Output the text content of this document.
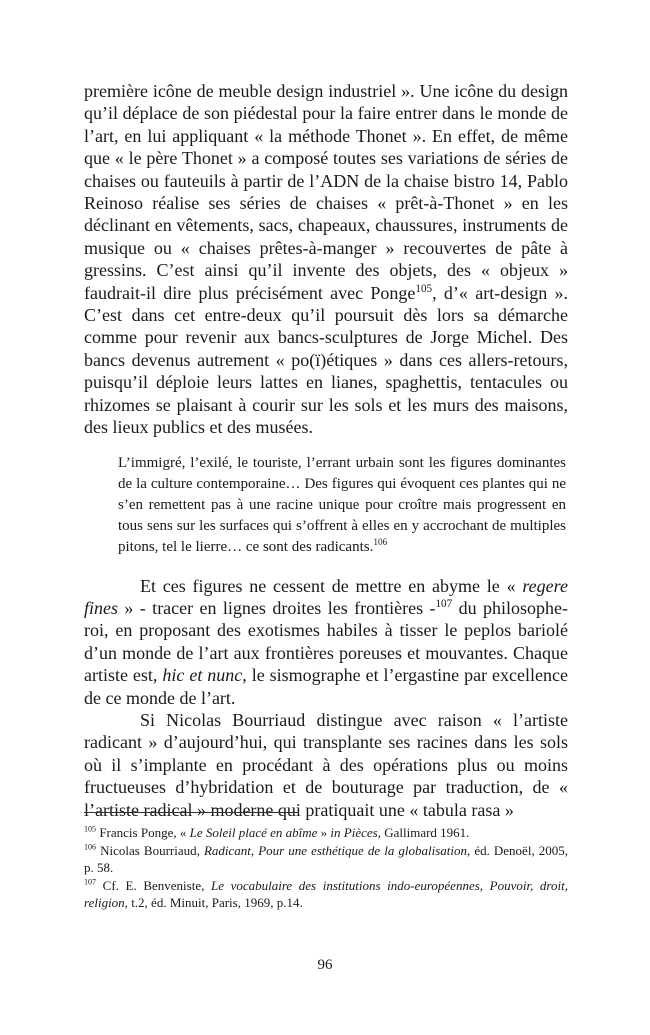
première icône de meuble design industriel ». Une icône du design qu’il déplace de son piédestal pour la faire entrer dans le monde de l’art, en lui appliquant « la méthode Thonet ». En effet, de même que « le père Thonet » a composé toutes ses variations de séries de chaises ou fauteuils à partir de l’ADN de la chaise bistro 14, Pablo Reinoso réalise ses séries de chaises « prêt-à-Thonet » en les déclinant en vêtements, sacs, chapeaux, chaussures, instruments de musique ou « chaises prêtes-à-manger » recouvertes de pâte à gressins. C’est ainsi qu’il invente des objets, des « objeux » faudrait-il dire plus précisément avec Ponge$^{105}$, d’« art-design ». C’est dans cet entre-deux qu’il poursuit dès lors sa démarche comme pour revenir aux bancs-sculptures de Jorge Michel. Des bancs devenus autrement « po(ï)étiques » dans ces allers-retours, puisqu’il déploie leurs lattes en lianes, spaghettis, tentacules ou rhizomes se plaisant à courir sur les sols et les murs des maisons, des lieux publics et des musées.

L’immigré, l’exilé, le touriste, l’errant urbain sont les figures dominantes de la culture contemporaine… Des figures qui évoquent ces plantes qui ne s’en remettent pas à une racine unique pour croître mais progressent en tous sens sur les surfaces qui s’offrent à elles en y accrochant de multiples pitons, tel le lierre… ce sont des radicants.$^{106}$

Et ces figures ne cessent de mettre en abyme le « regere fines » - tracer en lignes droites les frontières -$^{107}$ du philosophe-roi, en proposant des exotismes habiles à tisser le peplos bariolé d’un monde de l’art aux frontières poreuses et mouvantes. Chaque artiste est, hic et nunc, le sismographe et l’ergastine par excellence de ce monde de l’art.

Si Nicolas Bourriaud distingue avec raison « l’artiste radicant » d’aujourd’hui, qui transplante ses racines dans les sols où il s’implante en procédant à des opérations plus ou moins fructueuses d’hybridation et de bouturage par traduction, de « l’artiste radical » moderne qui pratiquait une « tabula rasa »

$^{105}$ Francis Ponge, « Le Soleil placé en abîme » in Pièces, Gallimard 1961.

$^{106}$ Nicolas Bourriaud, Radicant, Pour une esthétique de la globalisation, éd. Denoël, 2005, p. 58.

$^{107}$ Cf. E. Benveniste, Le vocabulaire des institutions indo-européennes, Pouvoir, droit, religion, t.2, éd. Minuit, Paris, 1969, p.14.

96
